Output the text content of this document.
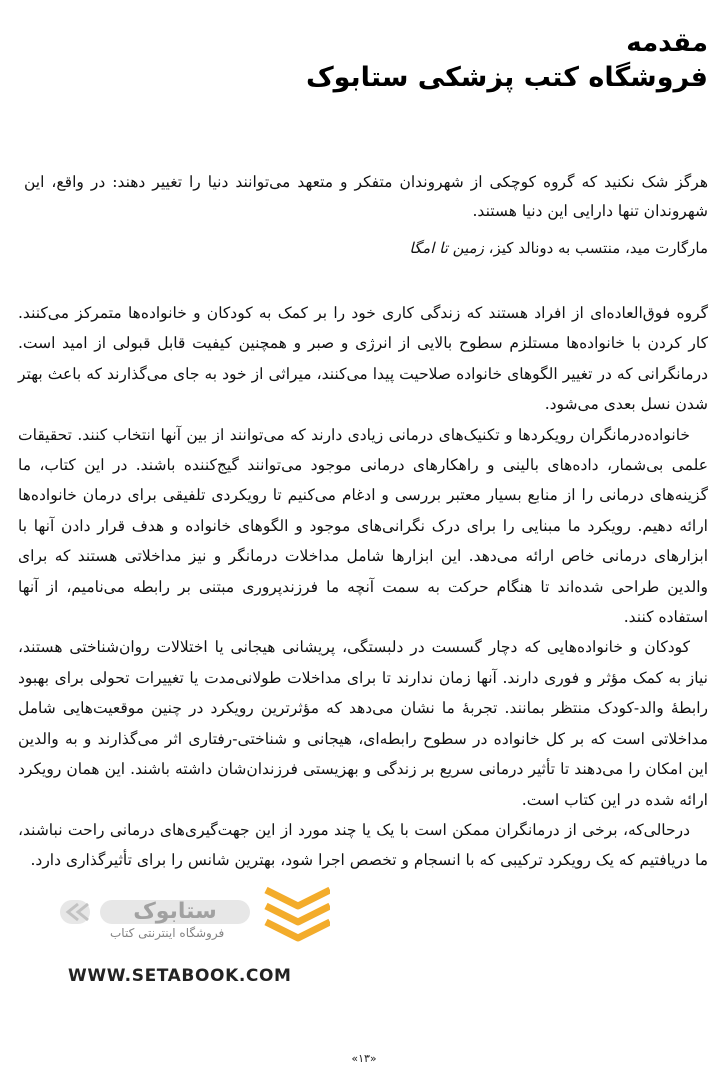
مقدمه
فروشگاه کتب پزشکی ستابوک
هرگز شک نکنید که گروه کوچکی از شهروندان متفکر و متعهد می‌توانند دنیا را تغییر دهند: در واقع، این شهروندان تنها دارایی این دنیا هستند.
مارگارت مید، منتسب به دونالد کیز، زمین تا امگا

گروه فوق‌العاده‌ای از افراد هستند که زندگی کاری خود را بر کمک به کودکان و خانواده‌ها متمرکز می‌کنند. کار کردن با خانواده‌ها مستلزم سطوح بالایی از انرژی و صبر و همچنین کیفیت قابل قبولی از امید است. درمانگرانی که در تغییر الگوهای خانواده صلاحیت پیدا می‌کنند، میراثی از خود به جای می‌گذارند که باعث بهتر شدن نسل بعدی می‌شود.

خانواده‌درمانگران رویکردها و تکنیک‌های درمانی زیادی دارند که می‌توانند از بین آنها انتخاب کنند. تحقیقات علمی بی‌شمار، داده‌های بالینی و راهکارهای درمانی موجود می‌توانند گیج‌کننده باشند. در این کتاب، ما گزینه‌های درمانی را از منابع بسیار معتبر بررسی و ادغام می‌کنیم تا رویکردی تلفیقی برای درمان خانواده‌ها ارائه دهیم. رویکرد ما مبنایی را برای درک نگرانی‌های موجود و الگوهای خانواده و هدف قرار دادن آنها با ابزارهای درمانی خاص ارائه می‌دهد. این ابزارها شامل مداخلات درمانگر و نیز مداخلاتی هستند که برای والدین طراحی شده‌اند تا هنگام حرکت به سمت آنچه ما فرزندپروری مبتنی بر رابطه می‌نامیم، از آنها استفاده کنند.

کودکان و خانواده‌هایی که دچار گسست در دلبستگی، پریشانی هیجانی یا اختلالات روان‌شناختی هستند، نیاز به کمک مؤثر و فوری دارند. آنها زمان ندارند تا برای مداخلات طولانی‌مدت یا تغییرات تحولی برای بهبود رابطهٔ والد-کودک منتظر بمانند. تجربهٔ ما نشان می‌دهد که مؤثرترین رویکرد در چنین موقعیت‌هایی شامل مداخلاتی است که بر کل خانواده در سطوح رابطه‌ای، هیجانی و شناختی-رفتاری اثر می‌گذارند و به والدین این امکان را می‌دهند تا تأثیر درمانی سریع بر زندگی و بهزیستی فرزندان‌شان داشته باشند. این همان رویکرد ارائه شده در این کتاب است.

درحالی‌که، برخی از درمانگران ممکن است با یک یا چند مورد از این جهت‌گیری‌های درمانی راحت نباشند، ما دریافتیم که یک رویکرد ترکیبی که با انسجام و تخصص اجرا شود، بهترین شانس را برای تأثیرگذاری دارد.

ستابوک
فروشگاه اینترنتی کتاب
WWW.SETABOOK.COM
«۱۳»
